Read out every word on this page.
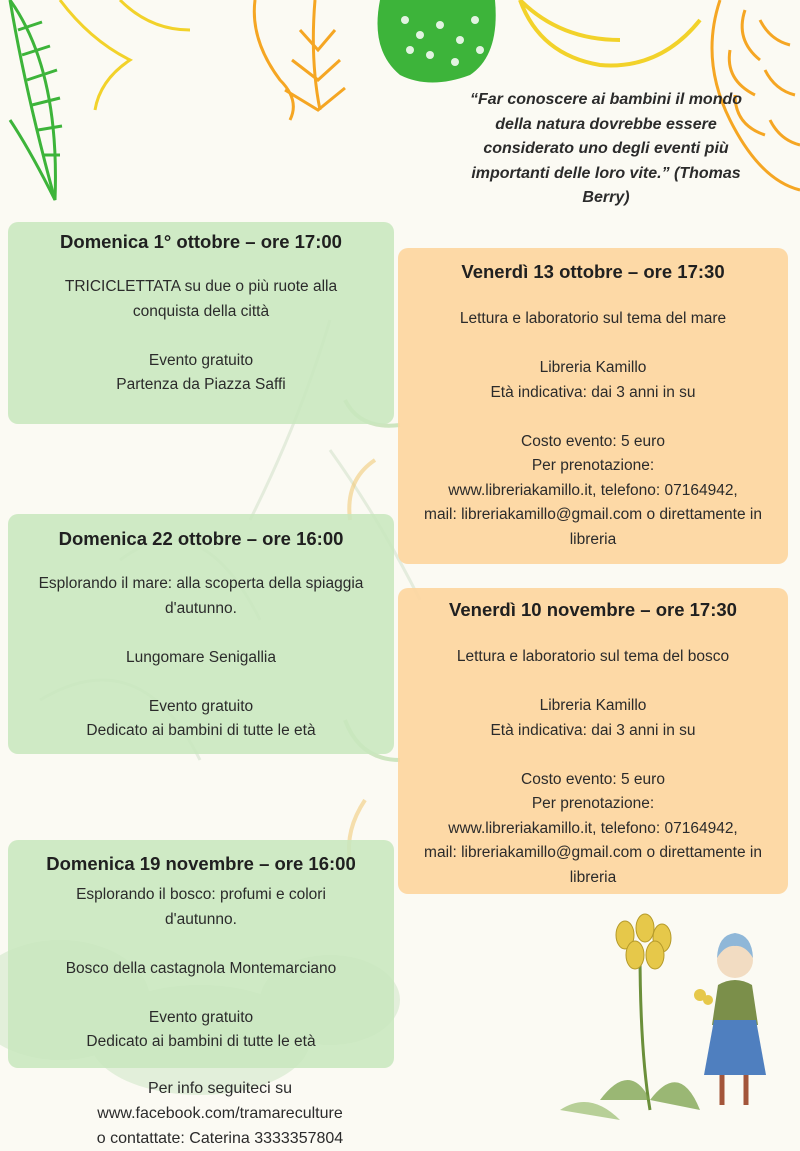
“Far conoscere ai bambini il mondo della natura dovrebbe essere considerato uno degli eventi più importanti delle loro vite.” (Thomas Berry)
Domenica 1° ottobre – ore 17:00
TRICICLETTATA su due o più ruote alla conquista della città
Evento gratuito
Partenza da Piazza Saffi
Domenica 22 ottobre – ore 16:00
Esplorando il mare: alla scoperta della spiaggia d'autunno.
Lungomare Senigallia
Evento gratuito
Dedicato ai bambini di tutte le età
Domenica 19 novembre – ore 16:00
Esplorando il bosco: profumi e colori d'autunno.
Bosco della castagnola Montemarciano
Evento gratuito
Dedicato ai bambini di tutte le età
Venerdì 13 ottobre – ore 17:30
Lettura e laboratorio sul tema del mare
Libreria Kamillo
Età indicativa: dai 3 anni in su
Costo evento: 5 euro
Per prenotazione:
www.libreriakamillo.it, telefono: 07164942,
mail: libreriakamillo@gmail.com o direttamente in libreria
Venerdì 10 novembre – ore 17:30
Lettura e laboratorio sul tema del bosco
Libreria Kamillo
Età indicativa: dai 3 anni in su
Costo evento: 5 euro
Per prenotazione:
www.libreriakamillo.it, telefono: 07164942,
mail: libreriakamillo@gmail.com o direttamente in libreria
Per info seguiteci su www.facebook.com/tramareculture
o contattate: Caterina 3333357804
